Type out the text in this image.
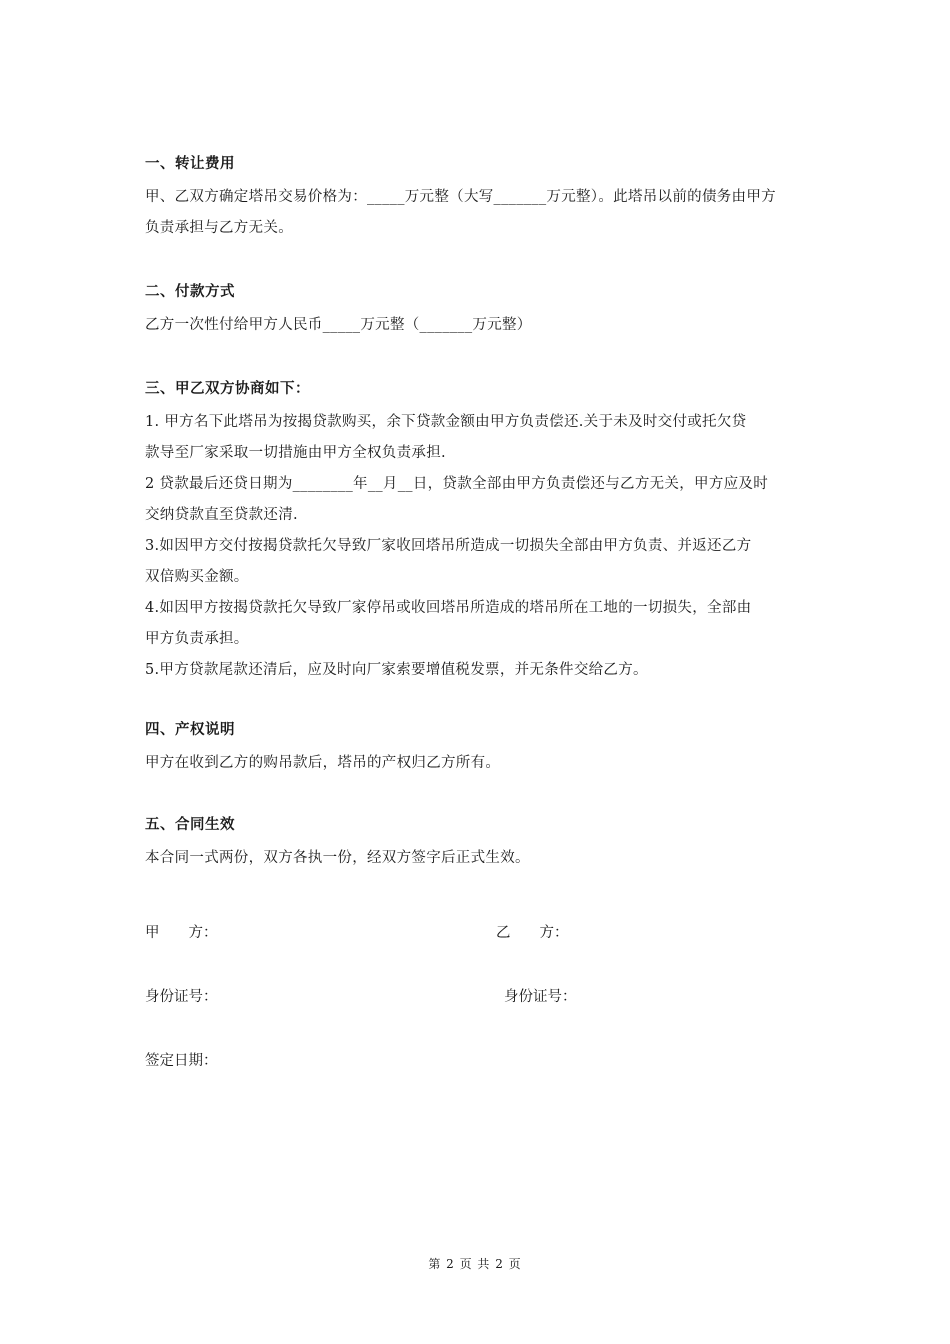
一、转让费用

甲、乙双方确定塔吊交易价格为：_____万元整（大写_______万元整）。此塔吊以前的债务由甲方

负责承担与乙方无关。

二、付款方式

乙方一次性付给甲方人民币_____万元整（_______万元整）

三、甲乙双方协商如下：

1. 甲方名下此塔吊为按揭贷款购买，余下贷款金额由甲方负责偿还.关于未及时交付或托欠贷

款导至厂家采取一切措施由甲方全权负责承担.

2 贷款最后还贷日期为________年__月__日，贷款全部由甲方负责偿还与乙方无关，甲方应及时

交纳贷款直至贷款还清.

3.如因甲方交付按揭贷款托欠导致厂家收回塔吊所造成一切损失全部由甲方负责、并返还乙方

双倍购买金额。

4.如因甲方按揭贷款托欠导致厂家停吊或收回塔吊所造成的塔吊所在工地的一切损失，全部由

甲方负责承担。

5.甲方贷款尾款还清后，应及时向厂家索要增值税发票，并无条件交给乙方。

四、产权说明

甲方在收到乙方的购吊款后，塔吊的产权归乙方所有。

五、合同生效

本合同一式两份，双方各执一份，经双方签字后正式生效。

甲　　方：	乙　　方：
身份证号：	身份证号：
签定日期：
第 2 页 共 2 页
